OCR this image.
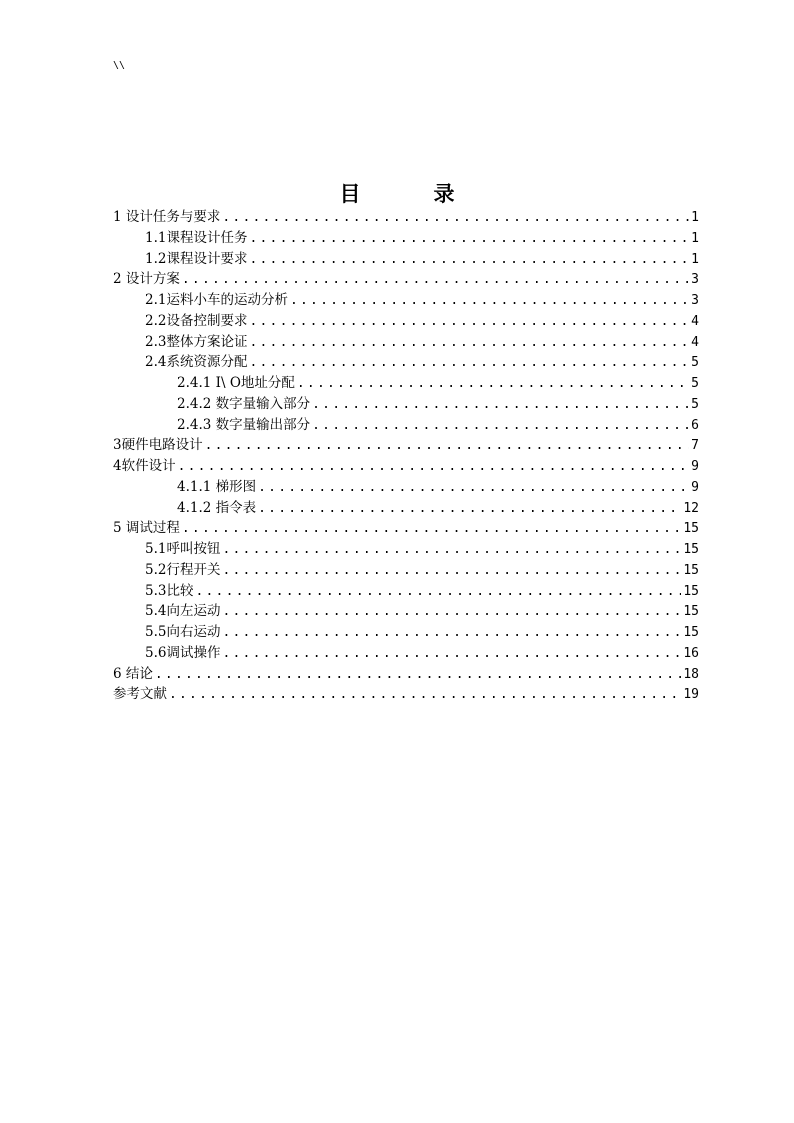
\\
目　录
1 设计任务与要求 .....	1
1.1课程设计任务 .....	1
1.2课程设计要求 .....	1
2 设计方案 .....	3
2.1运料小车的运动分析 .....	3
2.2设备控制要求 .....	4
2.3整体方案论证 .....	4
2.4系统资源分配 .....	5
2.4.1 I\ O地址分配 .....	5
2.4.2 数字量输入部分 .....	5
2.4.3 数字量输出部分 .....	6
3硬件电路设计 .....	7
4软件设计 .....	9
4.1.1 梯形图 .....	9
4.1.2 指令表 .....	12
5 调试过程 .....	15
5.1呼叫按钮 .....	15
5.2行程开关 .....	15
5.3比较 .....	15
5.4向左运动 .....	15
5.5向右运动 .....	15
5.6调试操作 .....	16
6 结论 .....	18
参考文献 .....	19
